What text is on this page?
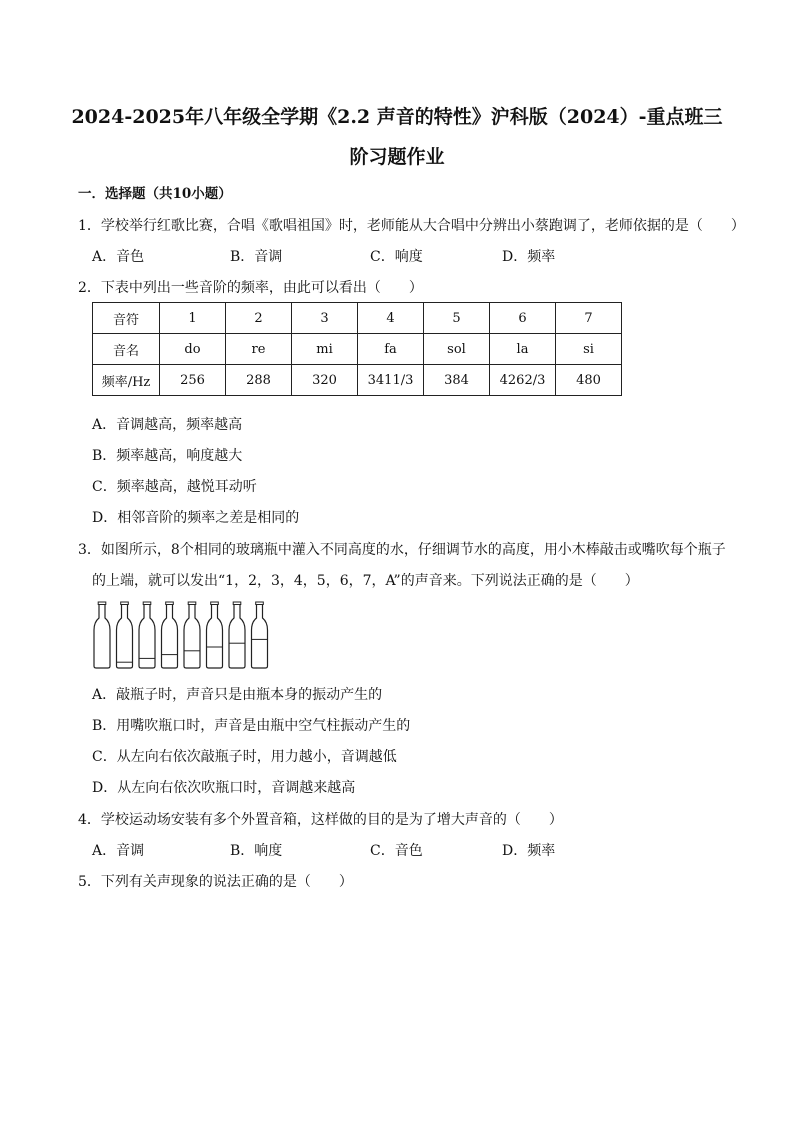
2024-2025年八年级全学期《2.2 声音的特性》沪科版（2024）-重点班三
阶习题作业
一．选择题（共10小题）
1．学校举行红歌比赛，合唱《歌唱祖国》时，老师能从大合唱中分辨出小蔡跑调了，老师依据的是（　　）
A．音色	B．音调	C．响度	D．频率
2．下表中列出一些音阶的频率，由此可以看出（　　）
音符	1	2	3	4	5	6	7
音名	do	re	mi	fa	sol	la	si
频率/Hz	256	288	320	3411/3	384	4262/3	480
A．音调越高，频率越高
B．频率越高，响度越大
C．频率越高，越悦耳动听
D．相邻音阶的频率之差是相同的
3．如图所示，8个相同的玻璃瓶中灌入不同高度的水，仔细调节水的高度，用小木棒敲击或嘴吹每个瓶子
的上端，就可以发出“1，2，3，4，5，6，7，A”的声音来。下列说法正确的是（　　）
A．敲瓶子时，声音只是由瓶本身的振动产生的
B．用嘴吹瓶口时，声音是由瓶中空气柱振动产生的
C．从左向右依次敲瓶子时，用力越小，音调越低
D．从左向右依次吹瓶口时，音调越来越高
4．学校运动场安装有多个外置音箱，这样做的目的是为了增大声音的（　　）
A．音调	B．响度	C．音色	D．频率
5．下列有关声现象的说法正确的是（　　）
